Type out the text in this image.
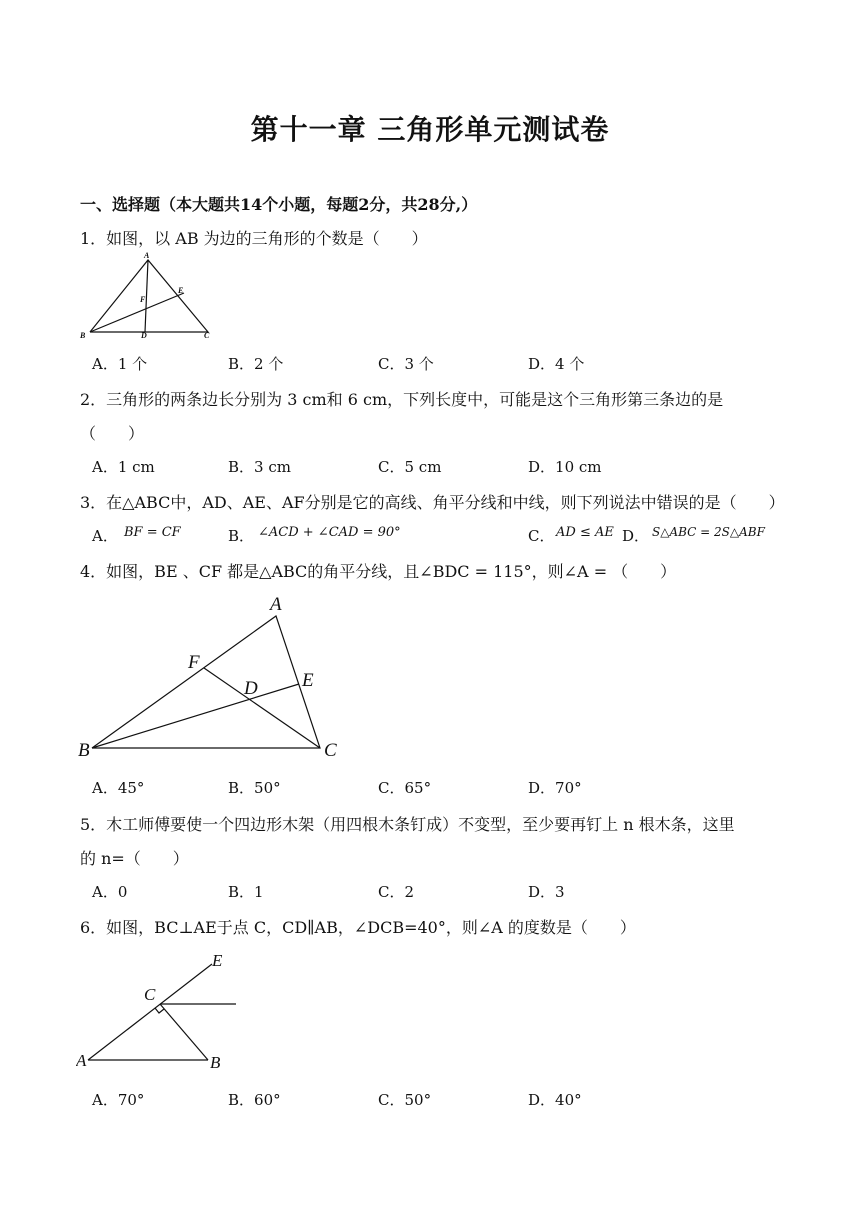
第十一章 三角形单元测试卷
一、选择题（本大题共14个小题，每题2分，共28分,）
1．如图，以 AB 为边的三角形的个数是（　　）
A
B	C
D
E
F
A．1 个	B．2 个	C．3 个	D．4 个
2．三角形的两条边长分别为 3 cm和 6 cm，下列长度中，可能是这个三角形第三条边的是
（　　）
A．1 cm	B．3 cm	C．5 cm	D．10 cm
3．在△ABC中，AD、AE、AF分别是它的高线、角平分线和中线，则下列说法中错误的是（　　）
A． BF = CF	B． ∠ACD + ∠CAD = 90°	C． AD ≤ AE D． S△ABC = 2S△ABF
4．如图，BE 、CF 都是△ABC的角平分线，且∠BDC = 115°，则∠A = （　　）
A
B	C
D E
F
A．45°	B．50°	C．65°	D．70°
5．木工师傅要使一个四边形木架（用四根木条钉成）不变型，至少要再钉上 n 根木条，这里
的 n=（　　）
A．0	B．1	C．2	D．3
6．如图，BC⊥AE于点 C，CD∥AB，∠DCB=40°，则∠A 的度数是（　　）
A	B
C
E
A．70°	B．60°	C．50°	D．40°
